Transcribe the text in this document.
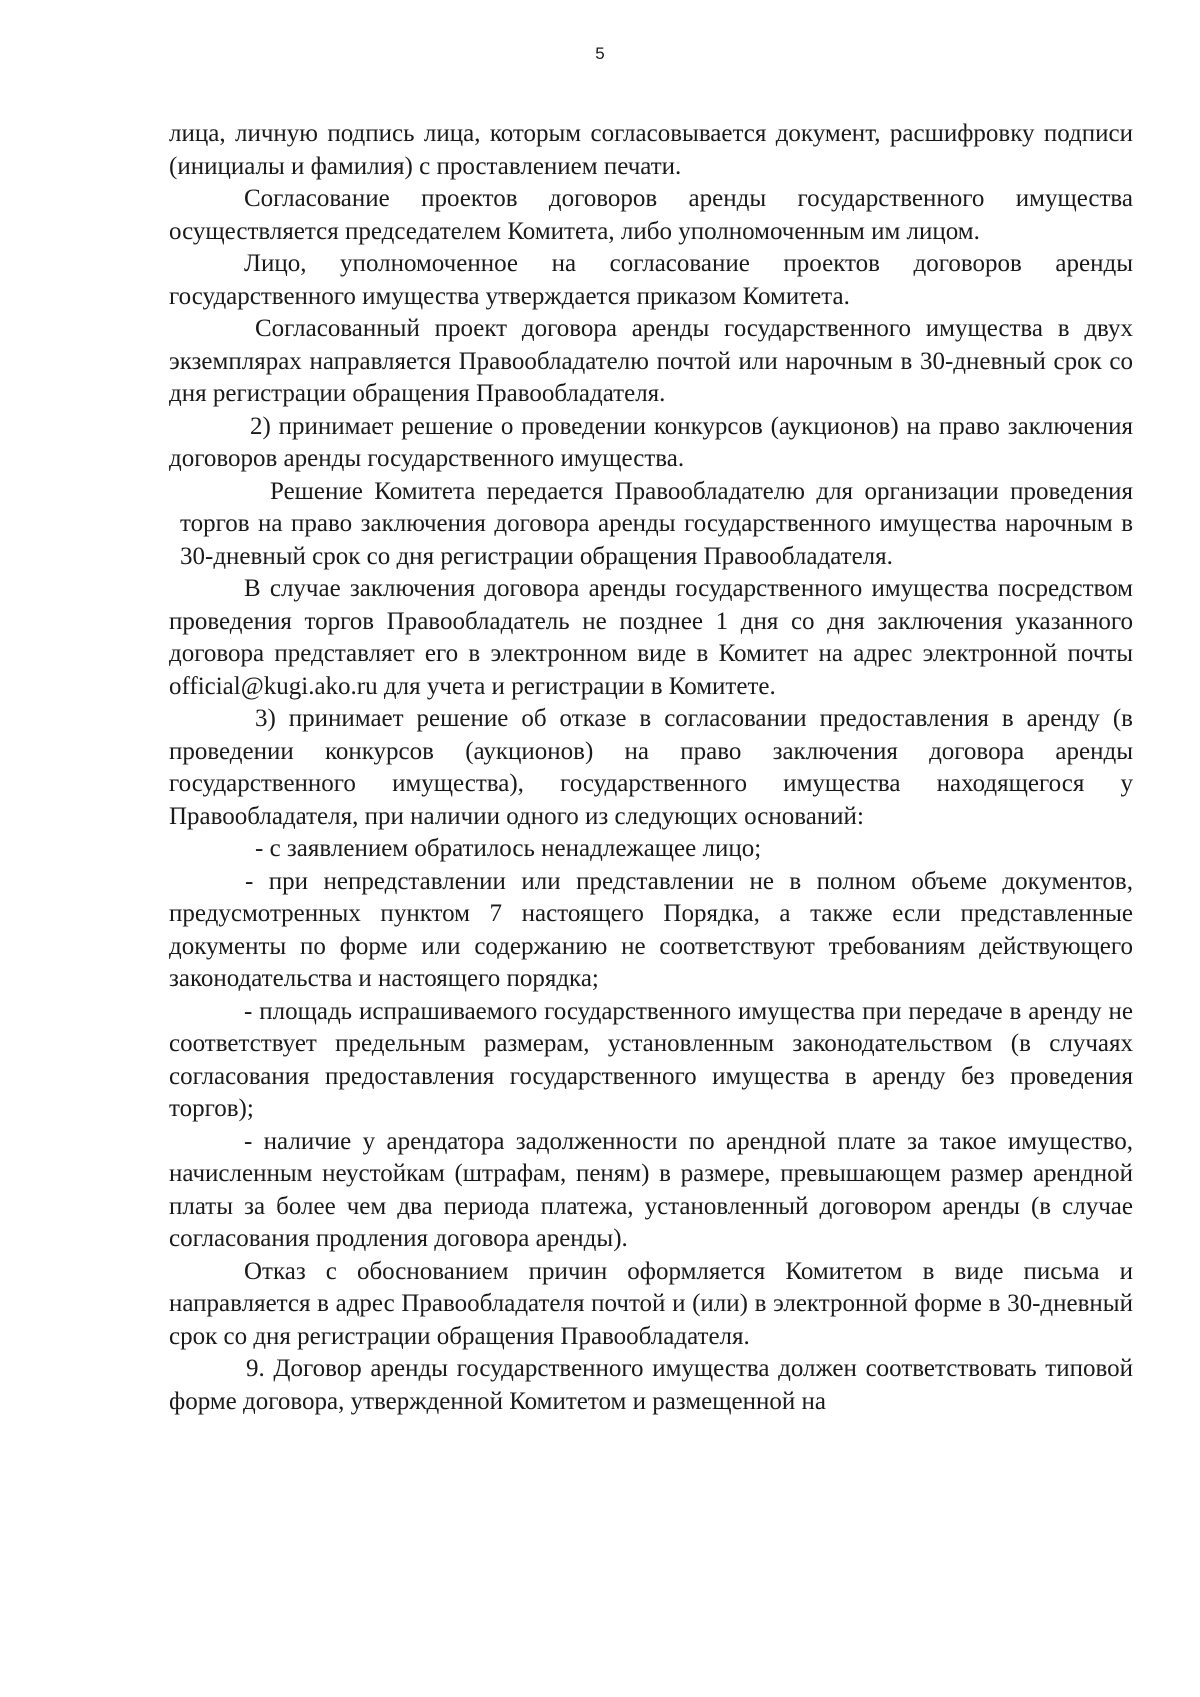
5

лица, личную подпись лица, которым согласовывается документ, расшифровку подписи (инициалы и фамилия) с проставлением печати.

Согласование проектов договоров аренды государственного имущества осуществляется председателем Комитета, либо уполномоченным им лицом.

Лицо, уполномоченное на согласование проектов договоров аренды государственного имущества утверждается приказом Комитета.

Согласованный проект договора аренды государственного имущества в двух экземплярах направляется Правообладателю почтой или нарочным в 30-дневный срок со дня регистрации обращения Правообладателя.

2) принимает решение о проведении конкурсов (аукционов) на право заключения договоров аренды государственного имущества.

Решение Комитета передается Правообладателю для организации проведения торгов на право заключения договора аренды государственного имущества нарочным в 30-дневный срок со дня регистрации обращения Правообладателя.

В случае заключения договора аренды государственного имущества посредством проведения торгов Правообладатель не позднее 1 дня со дня заключения указанного договора представляет его в электронном виде в Комитет на адрес электронной почты official@kugi.ako.ru для учета и регистрации в Комитете.

3) принимает решение об отказе в согласовании предоставления в аренду (в проведении конкурсов (аукционов) на право заключения договора аренды государственного имущества), государственного имущества находящегося у Правообладателя, при наличии одного из следующих оснований:

- с заявлением обратилось ненадлежащее лицо;

- при непредставлении или представлении не в полном объеме документов, предусмотренных пунктом 7 настоящего Порядка, а также если представленные документы по форме или содержанию не соответствуют требованиям действующего законодательства и настоящего порядка;

- площадь испрашиваемого государственного имущества при передаче в аренду не соответствует предельным размерам, установленным законодательством (в случаях согласования предоставления государственного имущества в аренду без проведения торгов);

- наличие у арендатора задолженности по арендной плате за такое имущество, начисленным неустойкам (штрафам, пеням) в размере, превышающем размер арендной платы за более чем два периода платежа, установленный договором аренды (в случае согласования продления договора аренды).

Отказ с обоснованием причин оформляется Комитетом в виде письма и направляется в адрес Правообладателя почтой и (или) в электронной форме в 30-дневный срок со дня регистрации обращения Правообладателя.

9. Договор аренды государственного имущества должен соответствовать типовой форме договора, утвержденной Комитетом и размещенной на
